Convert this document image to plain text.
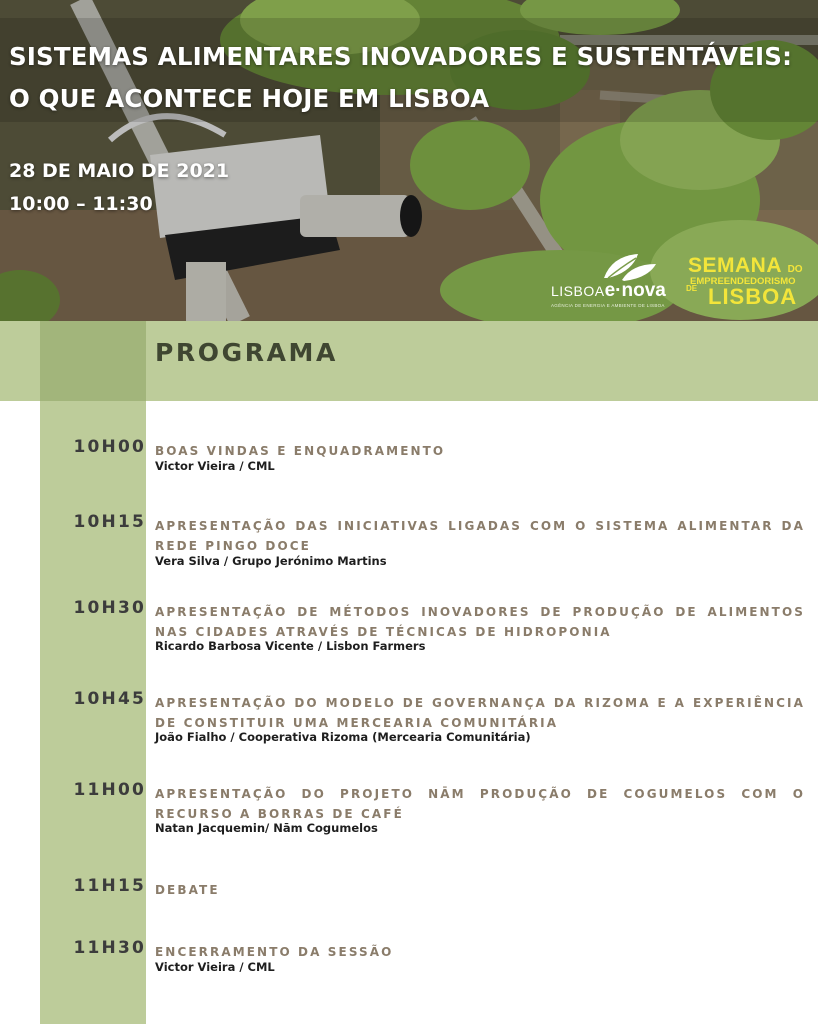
SISTEMAS ALIMENTARES INOVADORES E SUSTENTÁVEIS:
O QUE ACONTECE HOJE EM LISBOA
28 DE MAIO DE 2021
10:00 – 11:30
LISBOAe·nova
AGÊNCIA DE ENERGIA E AMBIENTE DE LISBOA
SEMANA DO
EMPREENDEDORISMO
DE LISBOA
PROGRAMA
10H00 BOAS VINDAS E ENQUADRAMENTO

Victor Vieira / CML
10H15 APRESENTAÇÃO DAS INICIATIVAS LIGADAS COM O SISTEMA ALIMENTAR DA REDE PINGO DOCE

Vera Silva / Grupo Jerónimo Martins
10H30 APRESENTAÇÃO DE MÉTODOS INOVADORES DE PRODUÇÃO DE ALIMENTOS NAS CIDADES ATRAVÉS DE TÉCNICAS DE HIDROPONIA

Ricardo Barbosa Vicente / Lisbon Farmers
10H45 APRESENTAÇÃO DO MODELO DE GOVERNANÇA DA RIZOMA E A EXPERIÊNCIA DE CONSTITUIR UMA MERCEARIA COMUNITÁRIA

João Fialho / Cooperativa Rizoma (Mercearia Comunitária)
11H00 APRESENTAÇÃO DO PROJETO NĀM PRODUÇÃO DE COGUMELOS COM O RECURSO A BORRAS DE CAFÉ

Natan Jacquemin/ Nām Cogumelos
11H15 DEBATE

11H30 ENCERRAMENTO DA SESSÃO

Victor Vieira / CML
